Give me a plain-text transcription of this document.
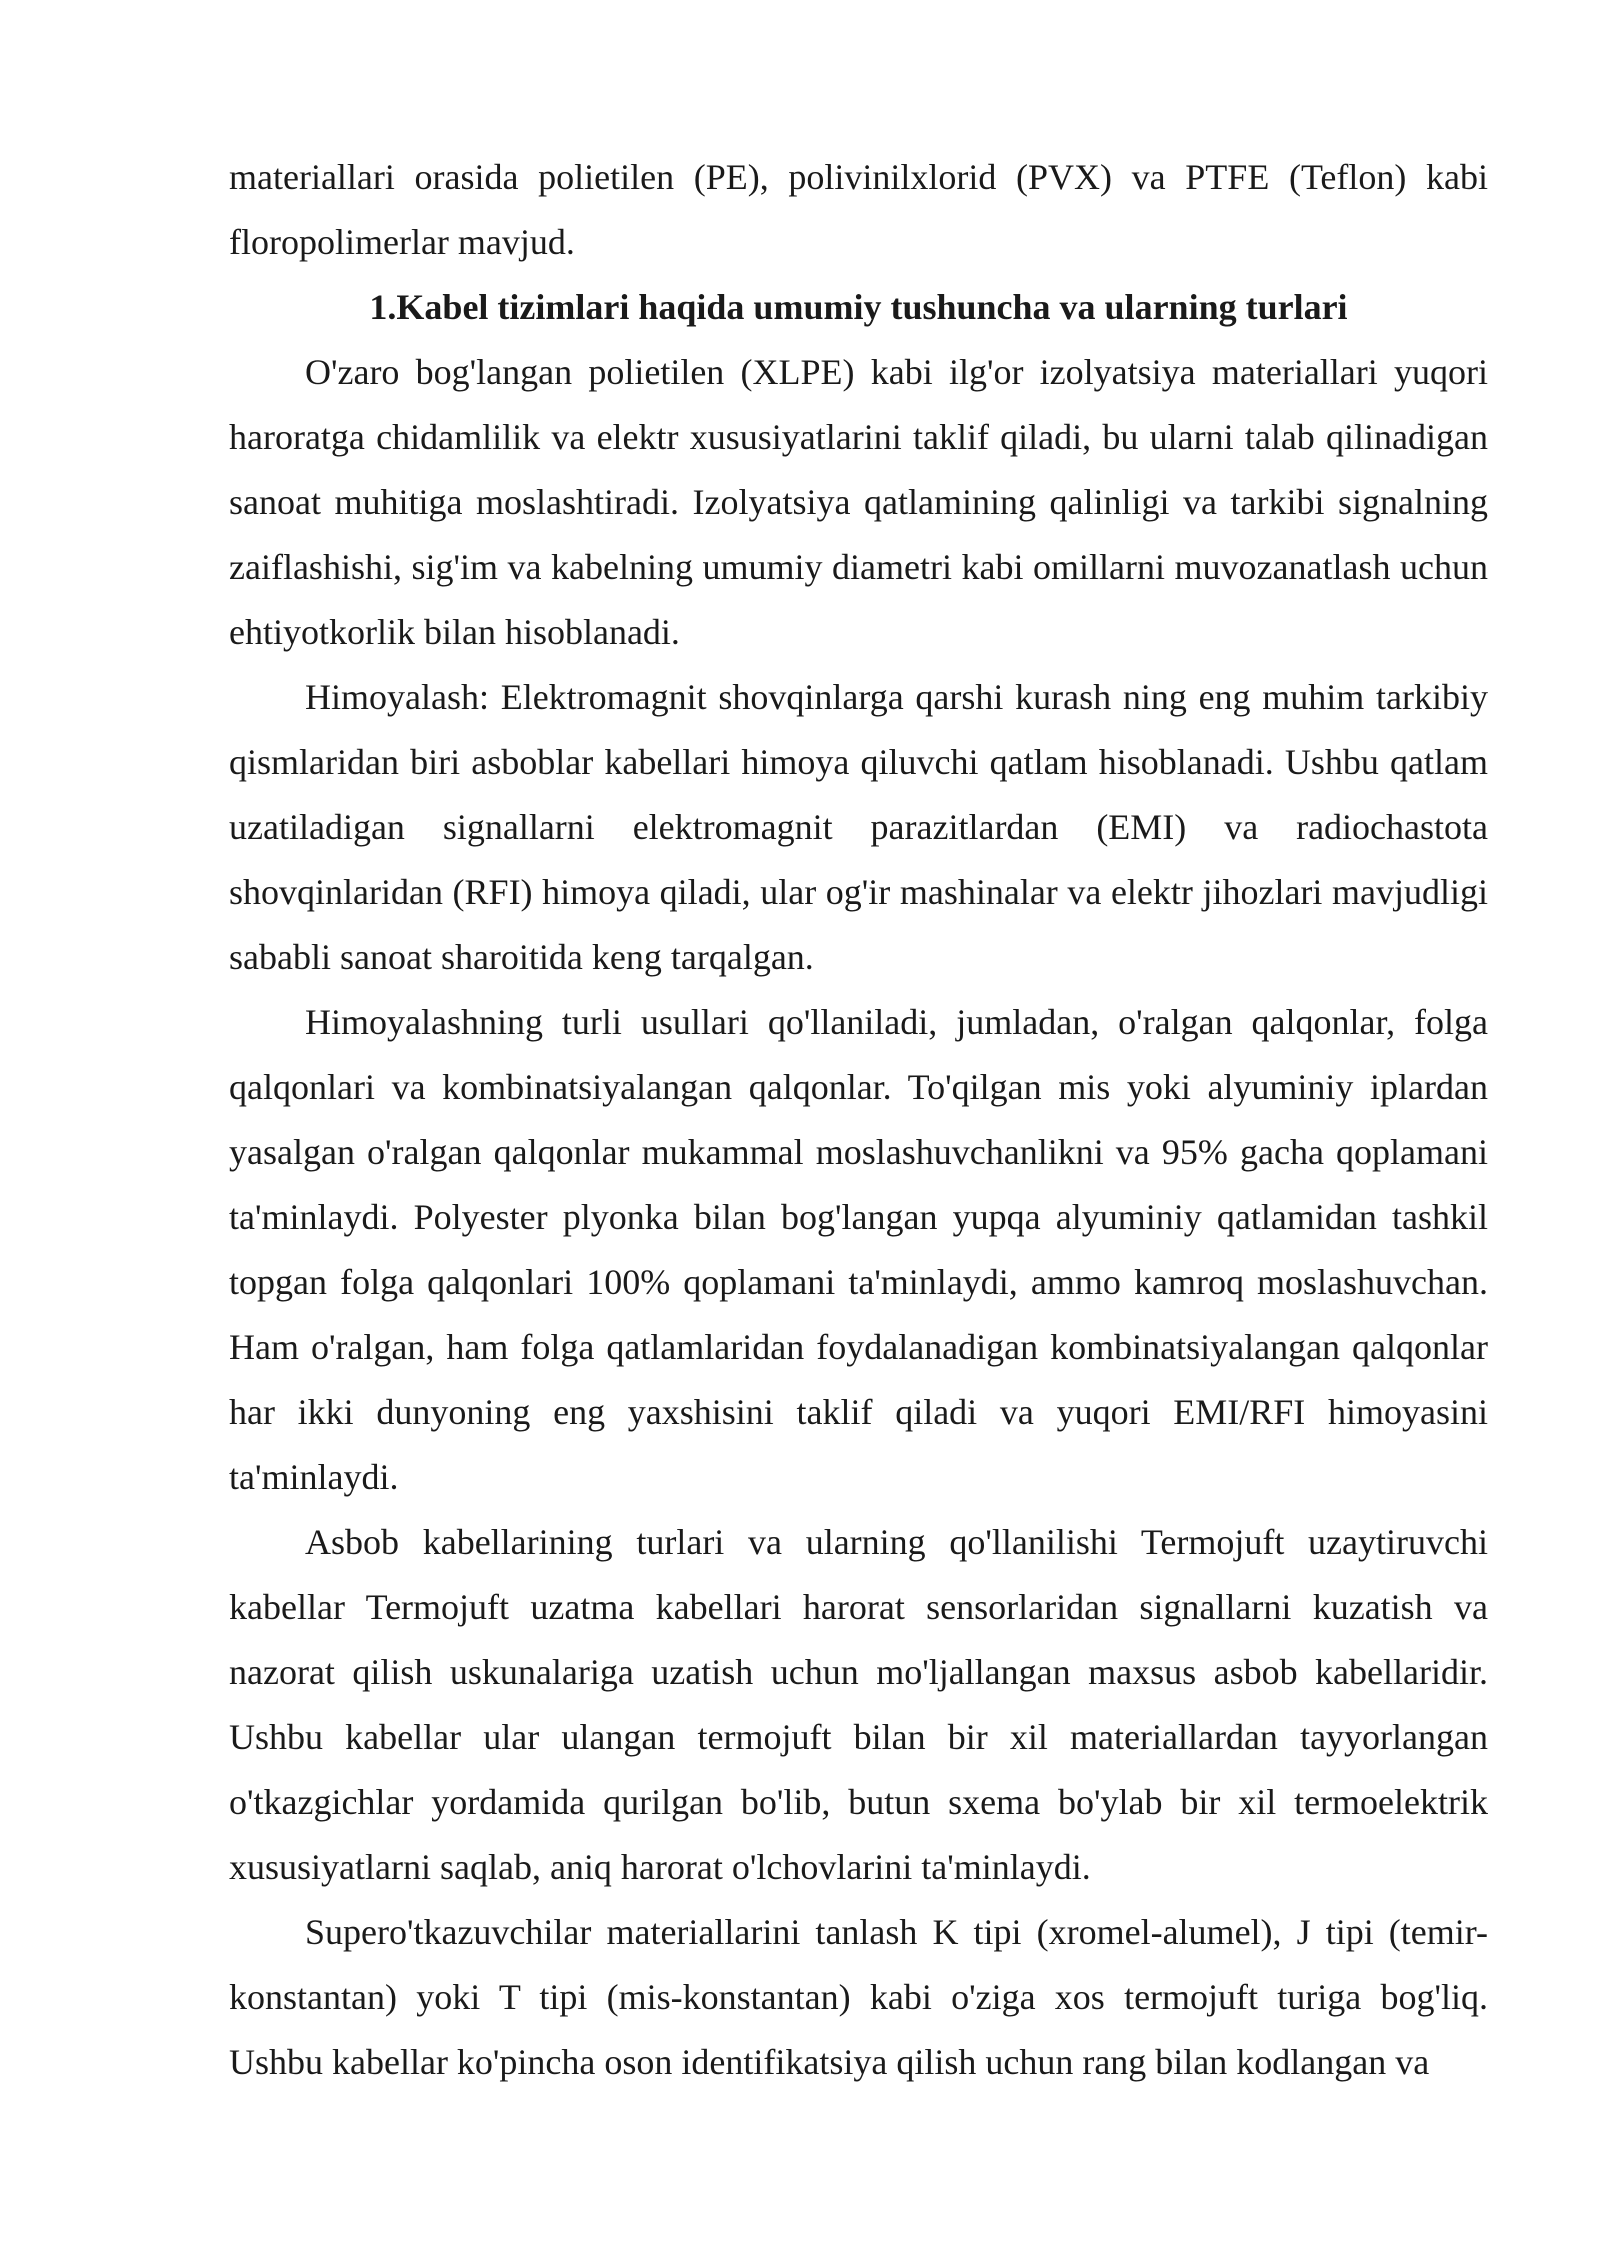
materiallari orasida polietilen (PE), polivinilxlorid (PVX) va PTFE (Teflon) kabi floropolimerlar mavjud.

1.Kabel tizimlari haqida umumiy tushuncha va ularning turlari

O'zaro bog'langan polietilen (XLPE) kabi ilg'or izolyatsiya materiallari yuqori haroratga chidamlilik va elektr xususiyatlarini taklif qiladi, bu ularni talab qilinadigan sanoat muhitiga moslashtiradi. Izolyatsiya qatlamining qalinligi va tarkibi signalning zaiflashishi, sig'im va kabelning umumiy diametri kabi omillarni muvozanatlash uchun ehtiyotkorlik bilan hisoblanadi.

Himoyalash: Elektromagnit shovqinlarga qarshi kurash ning eng muhim tarkibiy qismlaridan biri asboblar kabellari himoya qiluvchi qatlam hisoblanadi. Ushbu qatlam uzatiladigan signallarni elektromagnit parazitlardan (EMI) va radiochastota shovqinlaridan (RFI) himoya qiladi, ular og'ir mashinalar va elektr jihozlari mavjudligi sababli sanoat sharoitida keng tarqalgan.

Himoyalashning turli usullari qo'llaniladi, jumladan, o'ralgan qalqonlar, folga qalqonlari va kombinatsiyalangan qalqonlar. To'qilgan mis yoki alyuminiy iplardan yasalgan o'ralgan qalqonlar mukammal moslashuvchanlikni va 95% gacha qoplamani ta'minlaydi. Polyester plyonka bilan bog'langan yupqa alyuminiy qatlamidan tashkil topgan folga qalqonlari 100% qoplamani ta'minlaydi, ammo kamroq moslashuvchan. Ham o'ralgan, ham folga qatlamlaridan foydalanadigan kombinatsiyalangan qalqonlar har ikki dunyoning eng yaxshisini taklif qiladi va yuqori EMI/RFI himoyasini ta'minlaydi.

Asbob kabellarining turlari va ularning qo'llanilishi Termojuft uzaytiruvchi kabellar Termojuft uzatma kabellari harorat sensorlaridan signallarni kuzatish va nazorat qilish uskunalariga uzatish uchun mo'ljallangan maxsus asbob kabellaridir. Ushbu kabellar ular ulangan termojuft bilan bir xil materiallardan tayyorlangan o'tkazgichlar yordamida qurilgan bo'lib, butun sxema bo'ylab bir xil termoelektrik xususiyatlarni saqlab, aniq harorat o'lchovlarini ta'minlaydi.

Supero'tkazuvchilar materiallarini tanlash K tipi (xromel-alumel), J tipi (temir-konstantan) yoki T tipi (mis-konstantan) kabi o'ziga xos termojuft turiga bog'liq. Ushbu kabellar ko'pincha oson identifikatsiya qilish uchun rang bilan kodlangan va
